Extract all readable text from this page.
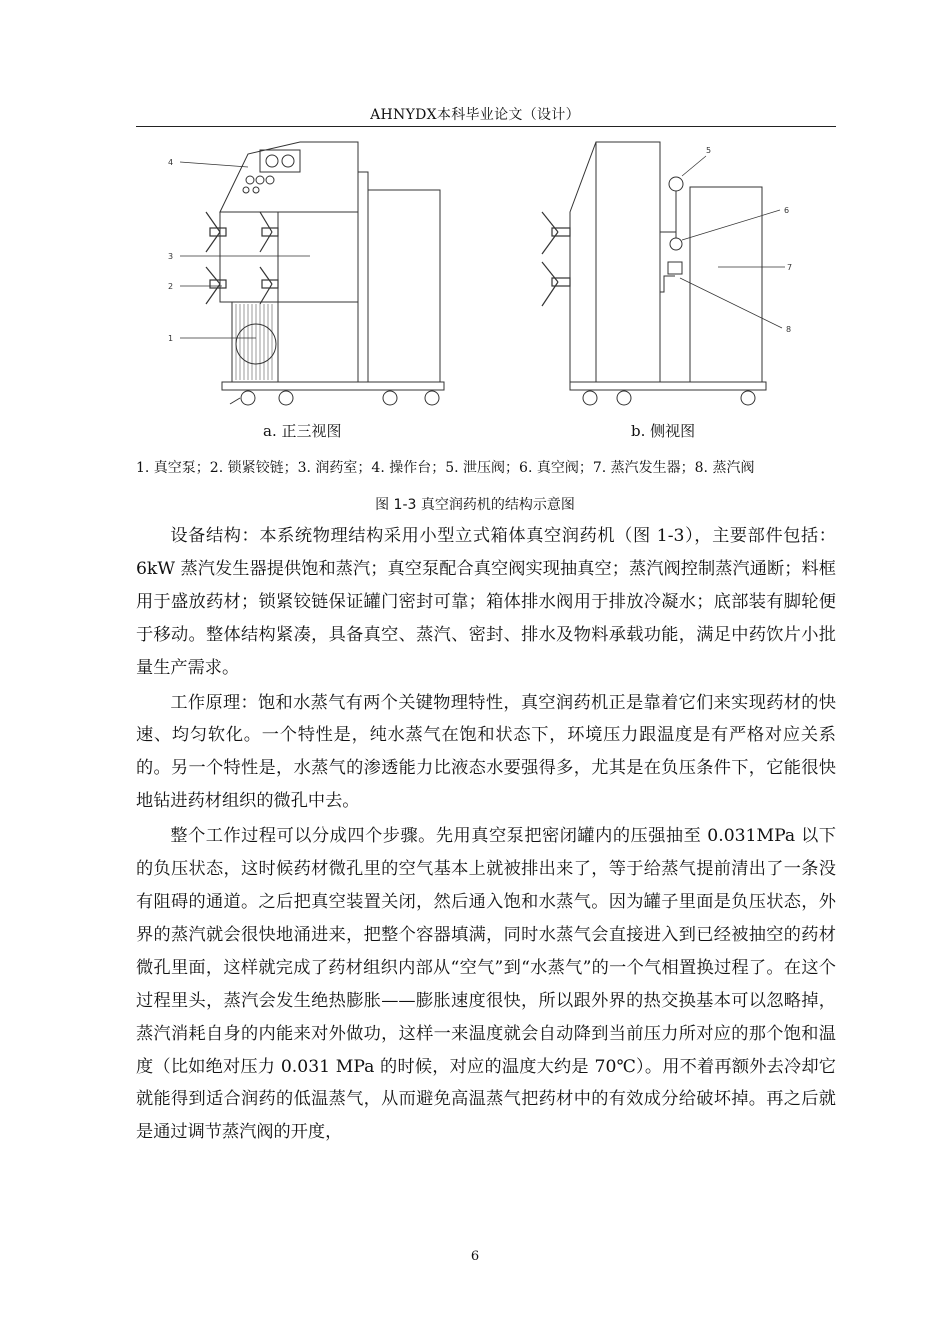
AHNYDX本科毕业论文（设计）
4
3
2
1
5
6
7
8
a. 正三视图	b. 侧视图
1. 真空泵；2. 锁紧铰链；3. 润药室；4. 操作台；5. 泄压阀；6. 真空阀；7. 蒸汽发生器；8. 蒸汽阀
图 1-3 真空润药机的结构示意图

设备结构：本系统物理结构采用小型立式箱体真空润药机（图 1-3），主要部件包括：6kW 蒸汽发生器提供饱和蒸汽；真空泵配合真空阀实现抽真空；蒸汽阀控制蒸汽通断；料框用于盛放药材；锁紧铰链保证罐门密封可靠；箱体排水阀用于排放冷凝水；底部装有脚轮便于移动。整体结构紧凑，具备真空、蒸汽、密封、排水及物料承载功能，满足中药饮片小批量生产需求。

工作原理：饱和水蒸气有两个关键物理特性，真空润药机正是靠着它们来实现药材的快速、均匀软化。一个特性是，纯水蒸气在饱和状态下，环境压力跟温度是有严格对应关系的。另一个特性是，水蒸气的渗透能力比液态水要强得多，尤其是在负压条件下，它能很快地钻进药材组织的微孔中去。

整个工作过程可以分成四个步骤。先用真空泵把密闭罐内的压强抽至 0.031MPa 以下的负压状态，这时候药材微孔里的空气基本上就被排出来了，等于给蒸气提前清出了一条没有阻碍的通道。之后把真空装置关闭，然后通入饱和水蒸气。因为罐子里面是负压状态，外界的蒸汽就会很快地涌进来，把整个容器填满，同时水蒸气会直接进入到已经被抽空的药材微孔里面，这样就完成了药材组织内部从“空气”到“水蒸气”的一个气相置换过程了。在这个过程里头，蒸汽会发生绝热膨胀——膨胀速度很快，所以跟外界的热交换基本可以忽略掉，蒸汽消耗自身的内能来对外做功，这样一来温度就会自动降到当前压力所对应的那个饱和温度（比如绝对压力 0.031 MPa 的时候，对应的温度大约是 70℃）。用不着再额外去冷却它就能得到适合润药的低温蒸气，从而避免高温蒸气把药材中的有效成分给破坏掉。再之后就是通过调节蒸汽阀的开度，

6
